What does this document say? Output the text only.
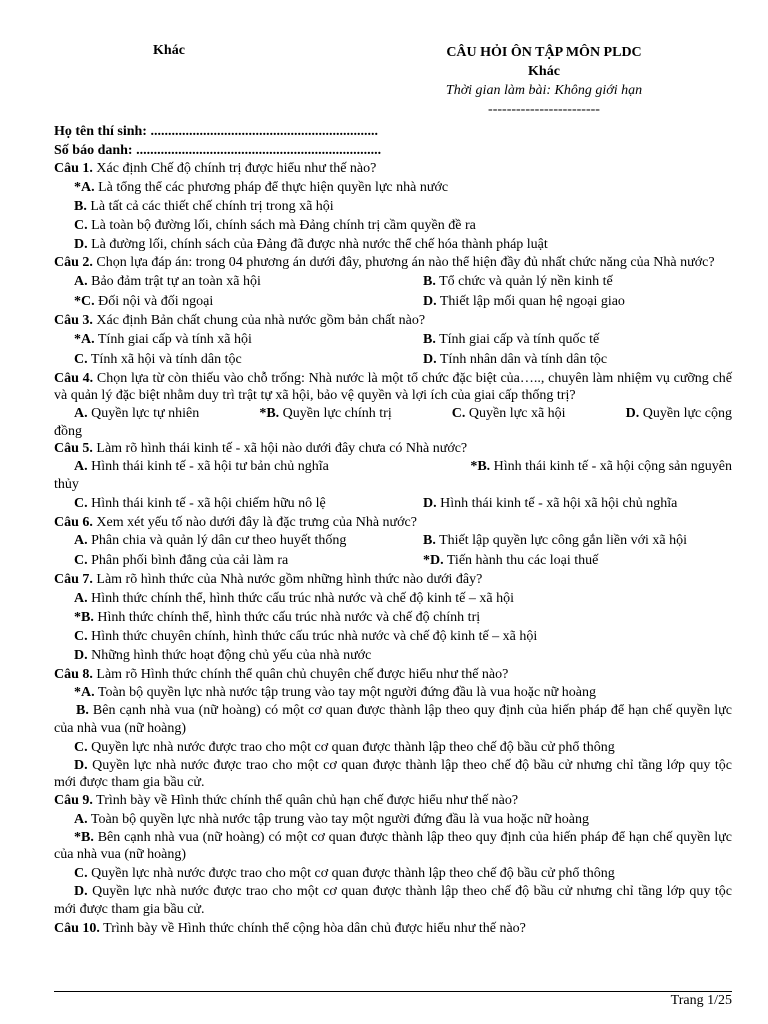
Khác	CÂU HỎI ÔN TẬP MÔN PLDC
Khác
Thời gian làm bài: Không giới hạn
------------------------
Họ tên thí sinh: .................................................................
Số báo danh: ......................................................................
Câu 1. Xác định Chế độ chính trị được hiểu như thế nào?
*A. Là tổng thể các phương pháp để thực hiện quyền lực nhà nước
B. Là tất cả các thiết chế chính trị trong xã hội
C. Là toàn bộ đường lối, chính sách mà Đảng chính trị cầm quyền đề ra
D. Là đường lối, chính sách của Đảng đã được nhà nước thể chế hóa thành pháp luật
Câu 2. Chọn lựa đáp án: trong 04 phương án dưới đây, phương án nào thể hiện đầy đủ nhất chức năng của Nhà nước?
A. Bảo đảm trật tự an toàn xã hội	B. Tổ chức và quản lý nền kinh tế
*C. Đối nội và đối ngoại	D. Thiết lập mối quan hệ ngoại giao
Câu 3. Xác định Bản chất chung của nhà nước gồm bản chất nào?
*A. Tính giai cấp và tính xã hội	B. Tính giai cấp và tính quốc tế
C. Tính xã hội và tính dân tộc	D. Tính nhân dân và tính dân tộc
Câu 4. Chọn lựa từ còn thiếu vào chỗ trống: Nhà nước là một tổ chức đặc biệt của….., chuyên làm nhiệm vụ cưỡng chế và quản lý đặc biệt nhằm duy trì trật tự xã hội, bảo vệ quyền và lợi ích của giai cấp thống trị?
A. Quyền lực tự nhiên	*B. Quyền lực chính trị	C. Quyền lực xã hội	D. Quyền lực cộng
đồng
Câu 5. Làm rõ hình thái kinh tế - xã hội nào dưới đây chưa có Nhà nước?
A. Hình thái kinh tế - xã hội tư bản chủ nghĩa	*B. Hình thái kinh tế - xã hội cộng sản nguyên
thủy
C. Hình thái kinh tế - xã hội chiếm hữu nô lệ	D. Hình thái kinh tế - xã hội xã hội chủ nghĩa
Câu 6. Xem xét yếu tố nào dưới đây là đặc trưng của Nhà nước?
A. Phân chia và quản lý dân cư theo huyết thống	B. Thiết lập quyền lực công gắn liền với xã hội
C. Phân phối bình đẳng của cải làm ra	*D. Tiến hành thu các loại thuế
Câu 7. Làm rõ hình thức của Nhà nước gồm những hình thức nào dưới đây?
A. Hình thức chính thể, hình thức cấu trúc nhà nước và chế độ kinh tế – xã hội
*B. Hình thức chính thể, hình thức cấu trúc nhà nước và chế độ chính trị
C. Hình thức chuyên chính, hình thức cấu trúc nhà nước và chế độ kinh tế – xã hội
D. Những hình thức hoạt động chủ yếu của nhà nước
Câu 8. Làm rõ Hình thức chính thể quân chủ chuyên chế được hiểu như thế nào?
*A. Toàn bộ quyền lực nhà nước tập trung vào tay một người đứng đầu là vua hoặc nữ hoàng
B. Bên cạnh nhà vua (nữ hoàng) có một cơ quan được thành lập theo quy định của hiến pháp để hạn chế quyền lực của nhà vua (nữ hoàng)
C. Quyền lực nhà nước được trao cho một cơ quan được thành lập theo chế độ bầu cử phổ thông
D. Quyền lực nhà nước được trao cho một cơ quan được thành lập theo chế độ bầu cử nhưng chỉ tầng lớp quy tộc mới được tham gia bầu cử.
Câu 9. Trình bày về Hình thức chính thể quân chủ hạn chế được hiểu như thế nào?
A. Toàn bộ quyền lực nhà nước tập trung vào tay một người đứng đầu là vua hoặc nữ hoàng
*B. Bên cạnh nhà vua (nữ hoàng) có một cơ quan được thành lập theo quy định của hiến pháp để hạn chế quyền lực của nhà vua (nữ hoàng)
C. Quyền lực nhà nước được trao cho một cơ quan được thành lập theo chế độ bầu cử phổ thông
D. Quyền lực nhà nước được trao cho một cơ quan được thành lập theo chế độ bầu cử nhưng chỉ tầng lớp quy tộc mới được tham gia bầu cử.
Câu 10. Trình bày về Hình thức chính thể cộng hòa dân chủ được hiểu như thế nào?
Trang 1/25
